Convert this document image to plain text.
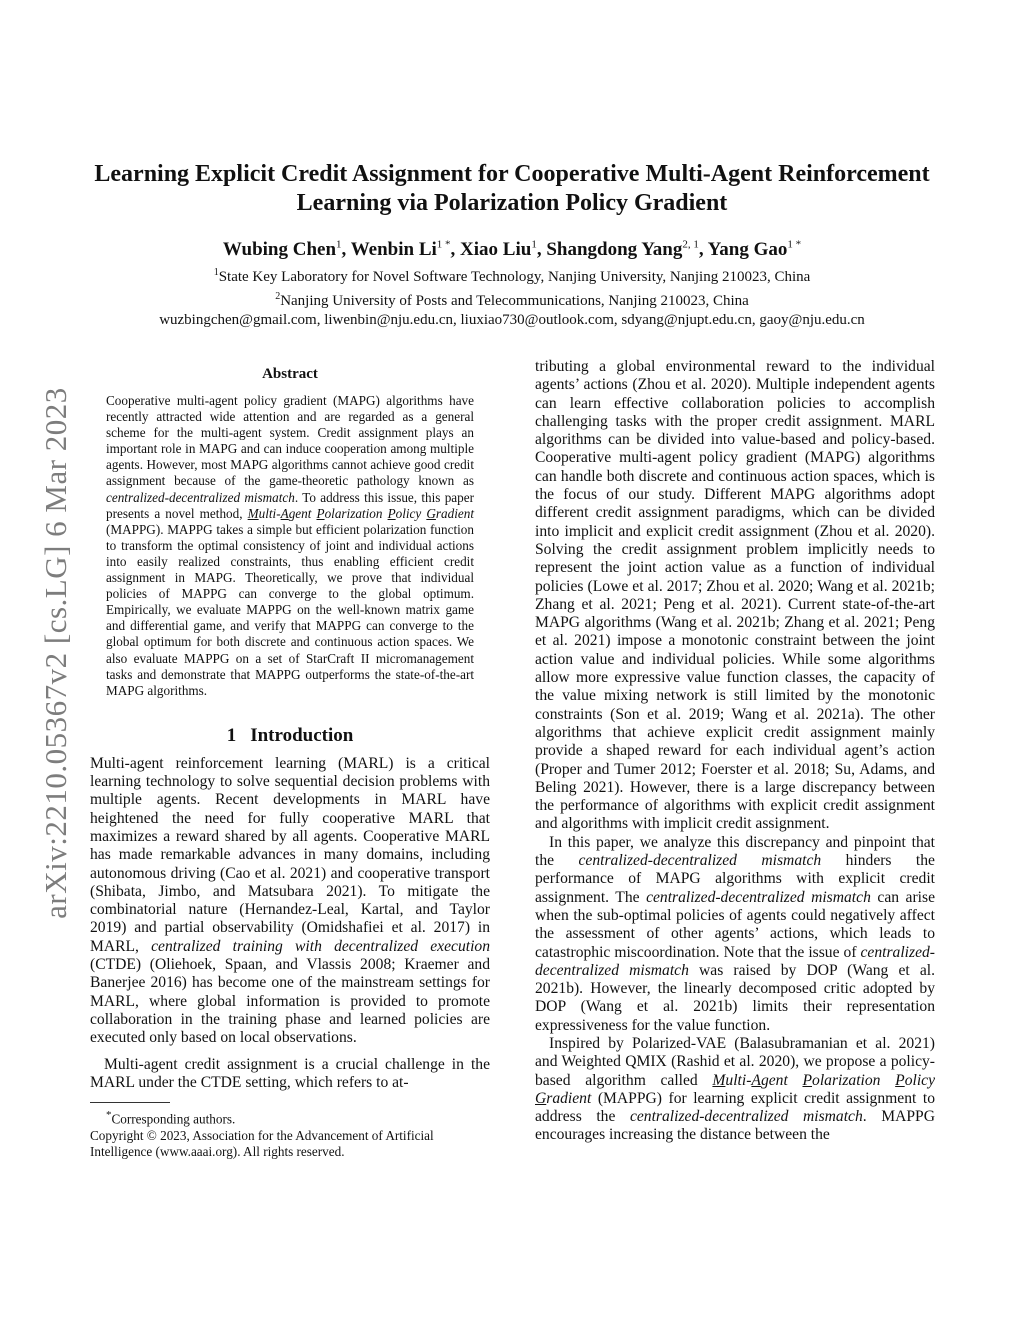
Learning Explicit Credit Assignment for Cooperative Multi-Agent Reinforcement
Learning via Polarization Policy Gradient
Wubing Chen$^1$, Wenbin $Li^{1 *}$, Xiao Liu$^1$, Shangdong Yang$^{2, 1}$, Yang Gao$^{1 *}$
$^1$State Key Laboratory for Novel Software Technology, Nanjing University, Nanjing 210023, China
$^2$Nanjing University of Posts and Telecommunications, Nanjing 210023, China
wuzbingchen@gmail.com, liwenbin@nju.edu.cn, liuxiao730@outlook.com, sdyang@njupt.edu.cn, gaoy@nju.edu.cn
arXiv:2210.05367v2 [cs.LG] 6 Mar 2023
Abstract
Cooperative multi-agent policy gradient (MAPG) algorithms have recently attracted wide attention and are regarded as a general scheme for the multi-agent system. Credit assignment plays an important role in MAPG and can induce cooperation among multiple agents. However, most MAPG algorithms cannot achieve good credit assignment because of the game-theoretic pathology known as centralized-decentralized mismatch. To address this issue, this paper presents a novel method, Multi-Agent Polarization Policy Gradient (MAPPG). MAPPG takes a simple but efficient polarization function to transform the optimal consistency of joint and individual actions into easily realized constraints, thus enabling efficient credit assignment in MAPG. Theoretically, we prove that individual policies of MAPPG can converge to the global optimum. Empirically, we evaluate MAPPG on the well-known matrix game and differential game, and verify that MAPPG can converge to the global optimum for both discrete and continuous action spaces. We also evaluate MAPPG on a set of StarCraft II micromanagement tasks and demonstrate that MAPPG outperforms the state-of-the-art MAPG algorithms.
1 Introduction

Multi-agent reinforcement learning (MARL) is a critical learning technology to solve sequential decision problems with multiple agents. Recent developments in MARL have heightened the need for fully cooperative MARL that maximizes a reward shared by all agents. Cooperative MARL has made remarkable advances in many domains, including autonomous driving (Cao et al. 2021) and cooperative transport (Shibata, Jimbo, and Matsubara 2021). To mitigate the combinatorial nature (Hernandez-Leal, Kartal, and Taylor 2019) and partial observability (Omidshafiei et al. 2017) in MARL, centralized training with decentralized execution (CTDE) (Oliehoek, Spaan, and Vlassis 2008; Kraemer and Banerjee 2016) has become one of the mainstream settings for MARL, where global information is provided to promote collaboration in the training phase and learned policies are executed only based on local observations.

Multi-agent credit assignment is a crucial challenge in the MARL under the CTDE setting, which refers to at-

*Corresponding authors.
Copyright © 2023, Association for the Advancement of Artificial Intelligence (www.aaai.org). All rights reserved.

tributing a global environmental reward to the individual agents’ actions (Zhou et al. 2020). Multiple independent agents can learn effective collaboration policies to accomplish challenging tasks with the proper credit assignment. MARL algorithms can be divided into value-based and policy-based. Cooperative multi-agent policy gradient (MAPG) algorithms can handle both discrete and continuous action spaces, which is the focus of our study. Different MAPG algorithms adopt different credit assignment paradigms, which can be divided into implicit and explicit credit assignment (Zhou et al. 2020). Solving the credit assignment problem implicitly needs to represent the joint action value as a function of individual policies (Lowe et al. 2017; Zhou et al. 2020; Wang et al. 2021b; Zhang et al. 2021; Peng et al. 2021). Current state-of-the-art MAPG algorithms (Wang et al. 2021b; Zhang et al. 2021; Peng et al. 2021) impose a monotonic constraint between the joint action value and individual policies. While some algorithms allow more expressive value function classes, the capacity of the value mixing network is still limited by the monotonic constraints (Son et al. 2019; Wang et al. 2021a). The other algorithms that achieve explicit credit assignment mainly provide a shaped reward for each individual agent’s action (Proper and Tumer 2012; Foerster et al. 2018; Su, Adams, and Beling 2021). However, there is a large discrepancy between the performance of algorithms with explicit credit assignment and algorithms with implicit credit assignment.

In this paper, we analyze this discrepancy and pinpoint that the centralized-decentralized mismatch hinders the performance of MAPG algorithms with explicit credit assignment. The centralized-decentralized mismatch can arise when the sub-optimal policies of agents could negatively affect the assessment of other agents’ actions, which leads to catastrophic miscoordination. Note that the issue of centralized-decentralized mismatch was raised by DOP (Wang et al. 2021b). However, the linearly decomposed critic adopted by DOP (Wang et al. 2021b) limits their representation expressiveness for the value function.

Inspired by Polarized-VAE (Balasubramanian et al. 2021) and Weighted QMIX (Rashid et al. 2020), we propose a policy-based algorithm called Multi-Agent Polarization Policy Gradient (MAPPG) for learning explicit credit assignment to address the centralized-decentralized mismatch. MAPPG encourages increasing the distance between the
